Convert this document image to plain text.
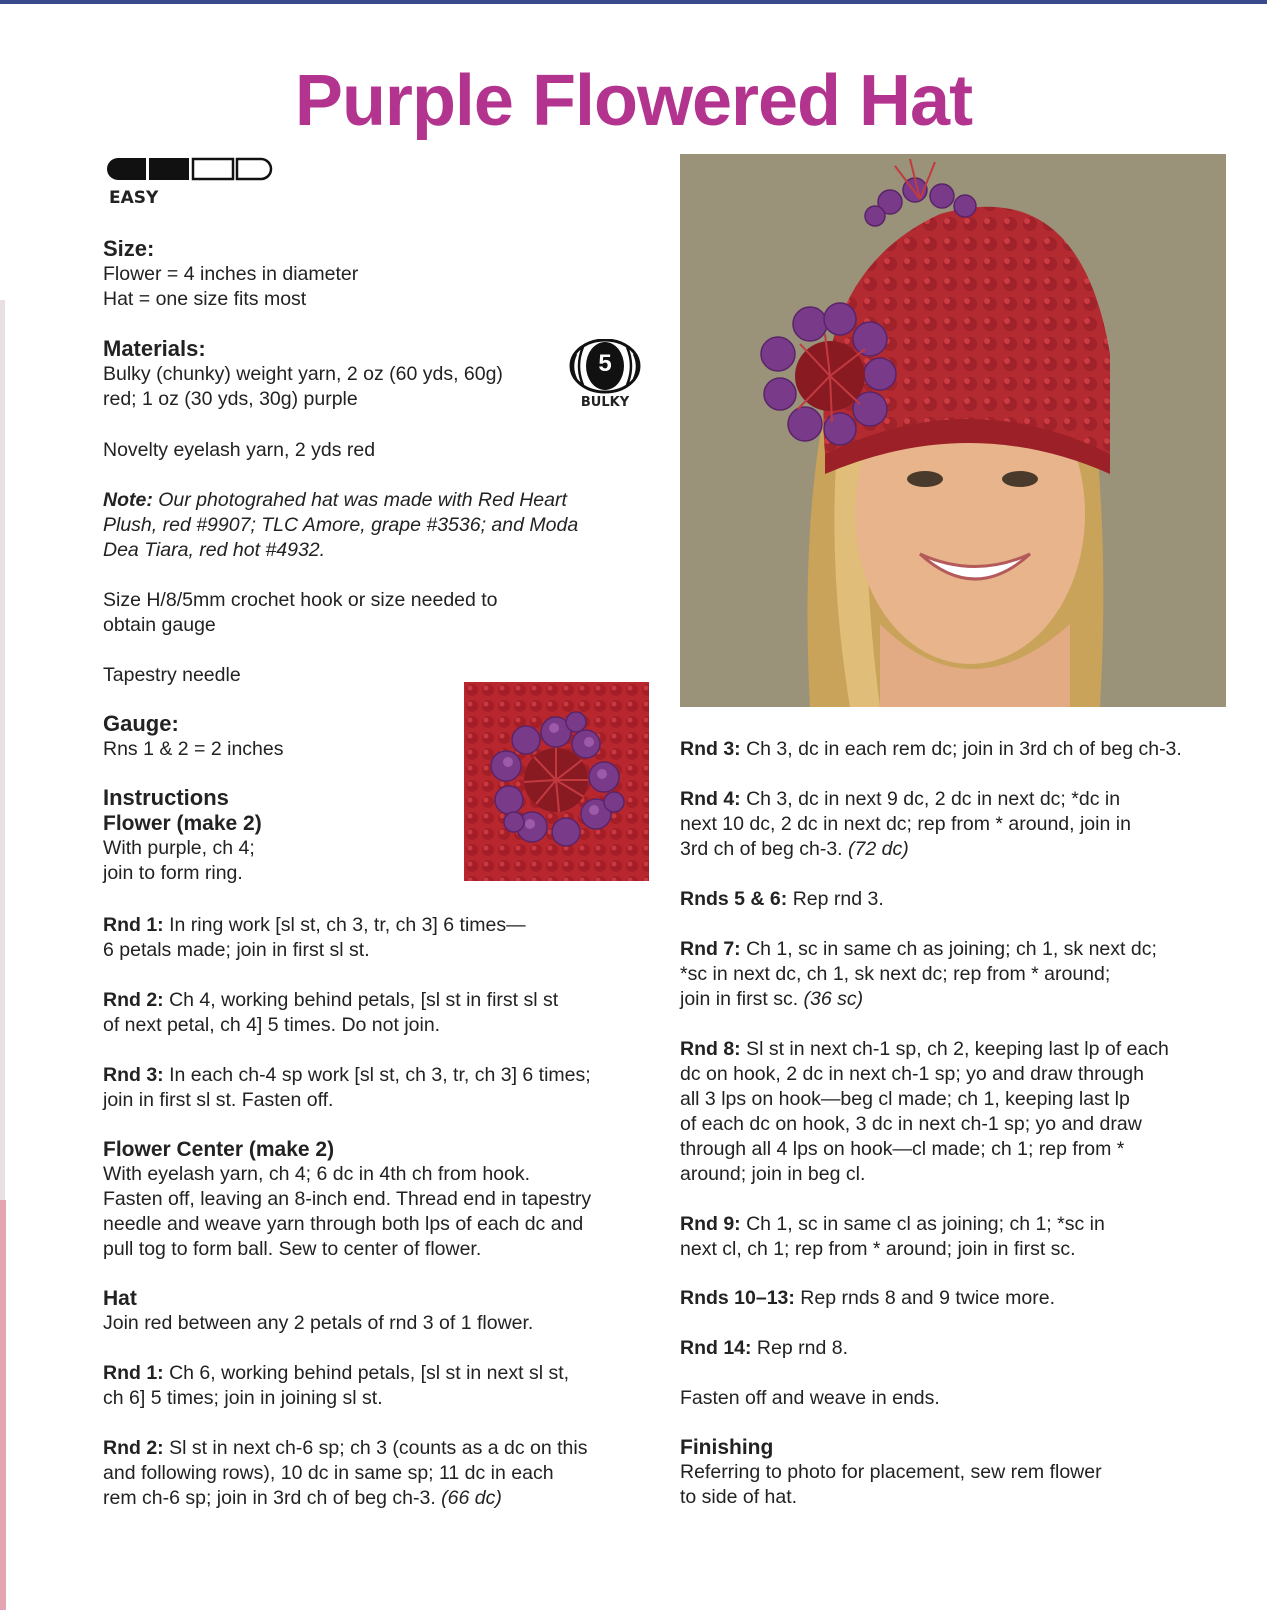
Purple Flowered Hat
EASY
5
BULKY
Size:
Flower = 4 inches in diameter
Hat = one size fits most
Materials:
Bulky (chunky) weight yarn, 2 oz (60 yds, 60g)
red; 1 oz (30 yds, 30g) purple
Novelty eyelash yarn, 2 yds red
Note: Our photograhed hat was made with Red Heart
Plush, red #9907; TLC Amore, grape #3536; and Moda
Dea Tiara, red hot #4932.
Size H/8/5mm crochet hook or size needed to
obtain gauge
Tapestry needle
Gauge:
Rns 1 & 2 = 2 inches
Instructions
Flower (make 2)
With purple, ch 4;
join to form ring.
Rnd 1: In ring work [sl st, ch 3, tr, ch 3] 6 times—
6 petals made; join in first sl st.
Rnd 2: Ch 4, working behind petals, [sl st in first sl st
of next petal, ch 4] 5 times. Do not join.
Rnd 3: In each ch-4 sp work [sl st, ch 3, tr, ch 3] 6 times;
join in first sl st. Fasten off.
Flower Center (make 2)
With eyelash yarn, ch 4; 6 dc in 4th ch from hook.
Fasten off, leaving an 8-inch end. Thread end in tapestry
needle and weave yarn through both lps of each dc and
pull tog to form ball. Sew to center of flower.
Hat
Join red between any 2 petals of rnd 3 of 1 flower.
Rnd 1: Ch 6, working behind petals, [sl st in next sl st,
ch 6] 5 times; join in joining sl st.
Rnd 2: Sl st in next ch-6 sp; ch 3 (counts as a dc on this
and following rows), 10 dc in same sp; 11 dc in each
rem ch-6 sp; join in 3rd ch of beg ch-3. (66 dc)
Rnd 3: Ch 3, dc in each rem dc; join in 3rd ch of beg ch-3.
Rnd 4: Ch 3, dc in next 9 dc, 2 dc in next dc; *dc in
next 10 dc, 2 dc in next dc; rep from * around, join in
3rd ch of beg ch-3. (72 dc)
Rnds 5 & 6: Rep rnd 3.
Rnd 7: Ch 1, sc in same ch as joining; ch 1, sk next dc;
*sc in next dc, ch 1, sk next dc; rep from * around;
join in first sc. (36 sc)
Rnd 8: Sl st in next ch-1 sp, ch 2, keeping last lp of each
dc on hook, 2 dc in next ch-1 sp; yo and draw through
all 3 lps on hook—beg cl made; ch 1, keeping last lp
of each dc on hook, 3 dc in next ch-1 sp; yo and draw
through all 4 lps on hook—cl made; ch 1; rep from *
around; join in beg cl.
Rnd 9: Ch 1, sc in same cl as joining; ch 1; *sc in
next cl, ch 1; rep from * around; join in first sc.
Rnds 10–13: Rep rnds 8 and 9 twice more.
Rnd 14: Rep rnd 8.
Fasten off and weave in ends.
Finishing
Referring to photo for placement, sew rem flower
to side of hat.
